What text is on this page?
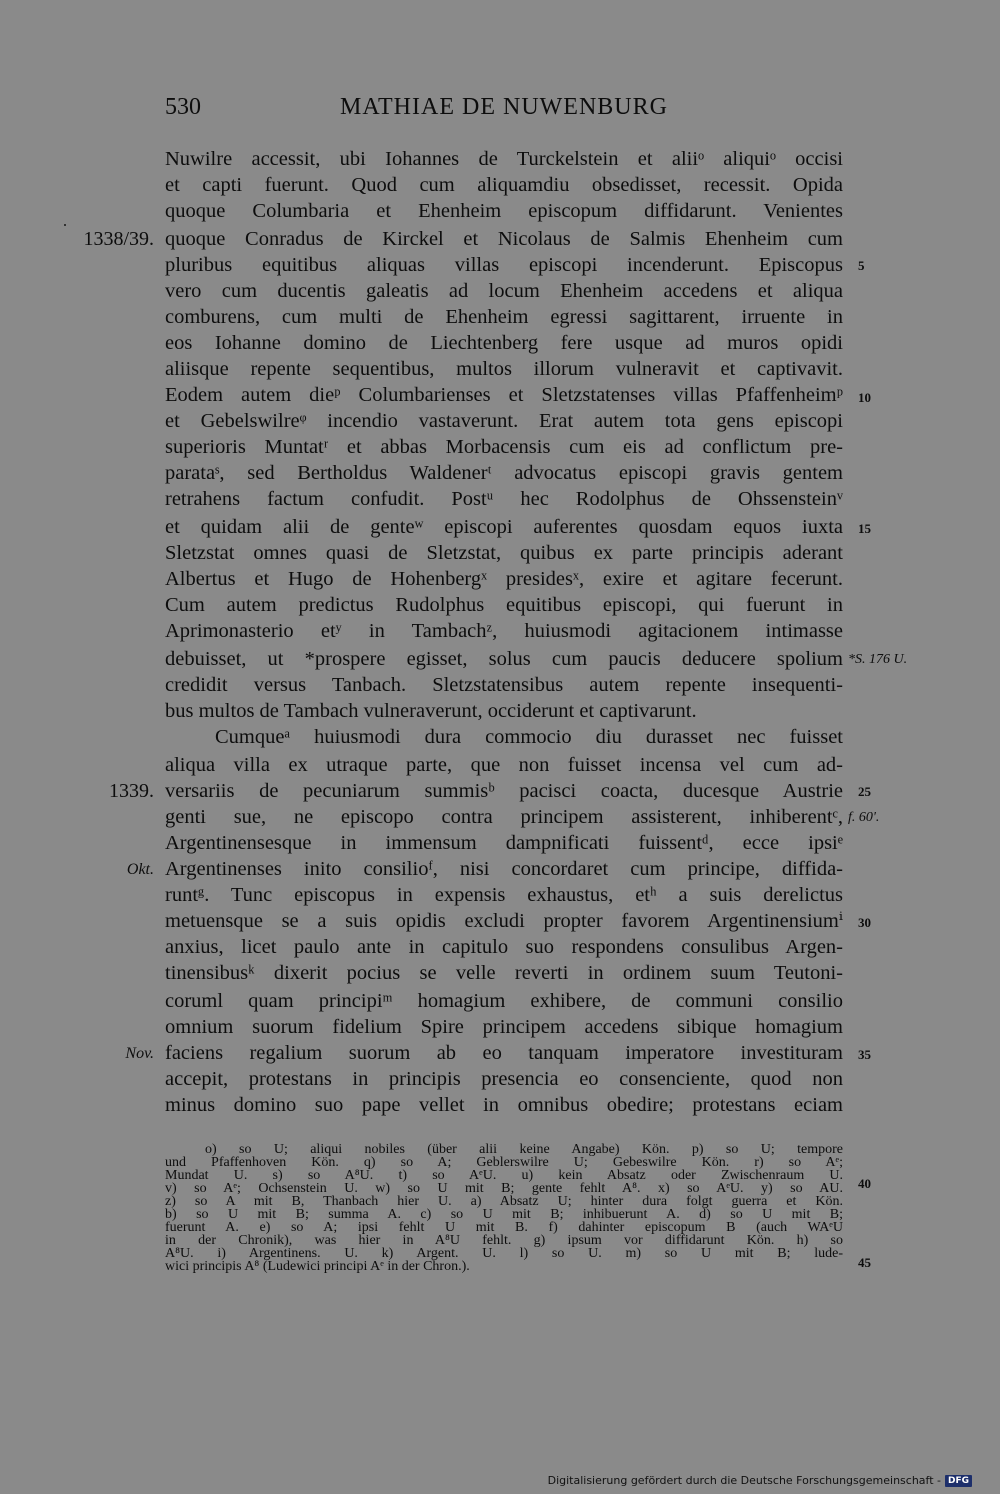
530	MATHIAE DE NUWENBURG
Nuwilre accessit, ubi Iohannes de Turckelstein et aliiᵒ aliquiᵒ occisi
et capti fuerunt. Quod cum aliquamdiu obsedisset, recessit. Opida
quoque Columbaria et Ehenheim episcopum diffidarunt. Venientes
quoque Conradus de Kirckel et Nicolaus de Salmis Ehenheim cum
pluribus equitibus aliquas villas episcopi incenderunt. Episcopus
vero cum ducentis galeatis ad locum Ehenheim accedens et aliqua
comburens, cum multi de Ehenheim egressi sagittarent, irruente in
eos Iohanne domino de Liechtenberg fere usque ad muros opidi
aliisque repente sequentibus, multos illorum vulneravit et captivavit.
Eodem autem dieᵖ Columbarienses et Sletzstatenses villas Pfaffenheimᵖ
et Gebelswilreᵠ incendio vastaverunt. Erat autem tota gens episcopi
superioris Muntatʳ et abbas Morbacensis cum eis ad conflictum pre-
parataˢ, sed Bertholdus Waldenerᵗ advocatus episcopi gravis gentem
retrahens factum confudit. Postᵘ hec Rodolphus de Ohssensteinᵛ
et quidam alii de genteʷ episcopi auferentes quosdam equos iuxta
Sletzstat omnes quasi de Sletzstat, quibus ex parte principis aderant
Albertus et Hugo de Hohenbergˣ presidesˣ, exire et agitare fecerunt.
Cum autem predictus Rudolphus equitibus episcopi, qui fuerunt in
Aprimonasterio etʸ in Tambachᶻ, huiusmodi agitacionem intimasse
debuisset, ut *prospere egisset, solus cum paucis deducere spolium
credidit versus Tanbach. Sletzstatensibus autem repente insequenti-
bus multos de Tambach vulneraverunt, occiderunt et captivarunt.
Cumqueᵃ huiusmodi dura commocio diu durasset nec fuisset
aliqua villa ex utraque parte, que non fuisset incensa vel cum ad-
versariis de pecuniarum summisᵇ pacisci coacta, ducesque Austrie
genti sue, ne episcopo contra principem assisterent, inhiberentᶜ,
Argentinensesque in immensum dampnificati fuissentᵈ, ecce ipsiᵉ
Argentinenses inito consilioᶠ, nisi concordaret cum principe, diffida-
runtᵍ. Tunc episcopus in expensis exhaustus, etʰ a suis derelictus
metuensque se a suis opidis excludi propter favorem Argentinensiumⁱ
anxius, licet paulo ante in capitulo suo respondens consulibus Argen-
tinensibusᵏ dixerit pocius se velle reverti in ordinem suum Teutoni-
coruml quam principiᵐ homagium exhibere, de communi consilio
omnium suorum fidelium Spire principem accedens sibique homagium
faciens regalium suorum ab eo tanquam imperatore investituram
accepit, protestans in principis presencia eo consenciente, quod non
minus domino suo pape vellet in omnibus obedire; protestans eciam
1338/39.
1339.
Okt.
Nov.
5
10
15
*S. 176 U.
25
f. 60'.
30
35
o) so U; aliqui nobiles (über alii keine Angabe) Kön. p) so U; tempore
und Pfaffenhoven Kön. q) so A; Geblerswilre U; Gebeswilre Kön. r) so Aᵉ;
Mundat U. s) so A⁸U. t) so AᵉU. u) kein Absatz oder Zwischenraum U.
v) so Aᵉ; Ochsenstein U. w) so U mit B; gente fehlt A⁸. x) so AᵉU. y) so AU.
z) so A mit B, Thanbach hier U. a) Absatz U; hinter dura folgt guerra et Kön.
b) so U mit B; summa A. c) so U mit B; inhibuerunt A. d) so U mit B;
fuerunt A. e) so A; ipsi fehlt U mit B. f) dahinter episcopum B (auch WAᵉU
in der Chronik), was hier in A⁸U fehlt. g) ipsum vor diffidarunt Kön. h) so
A⁸U. i) Argentinens. U. k) Argent. U. l) so U. m) so U mit B; lude-
wici principis A⁸ (Ludewici principi Aᵉ in der Chron.).
40
45
Digitalisierung gefördert durch die Deutsche Forschungsgemeinschaft - DFG
